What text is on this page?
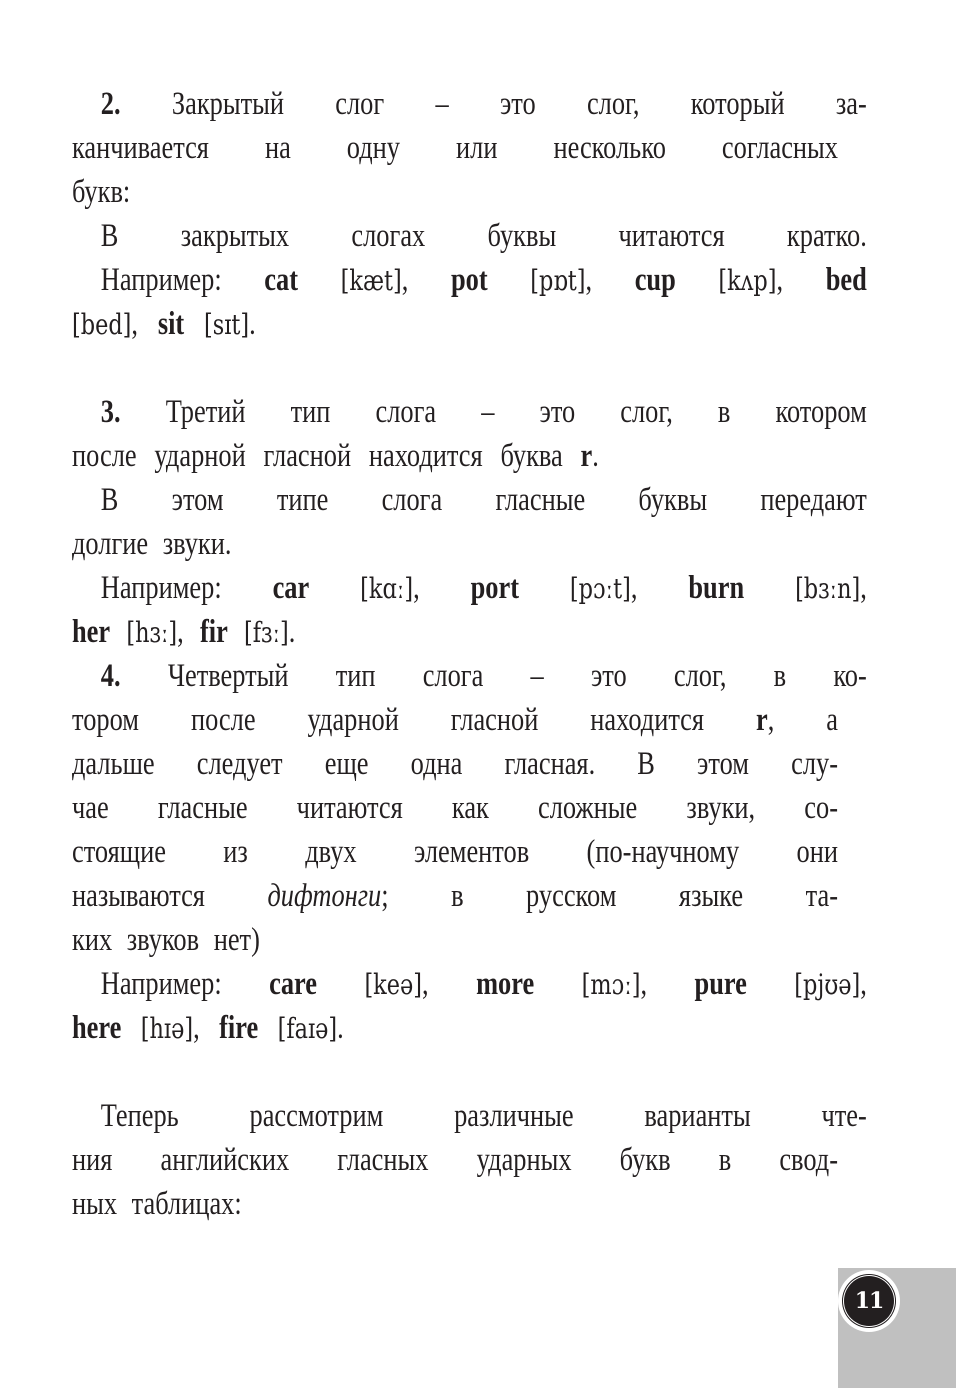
2. Закрытый слог – это слог, который за-
канчивается на одну или несколько согласных
букв:
В закрытых слогах буквы читаются кратко.
Например: cat [kæt], pot [pɒt], cup [kʌp], bed
[bed], sit [sɪt].
3. Третий тип слога – это слог, в котором
после ударной гласной находится буква r.
В этом типе слога гласные буквы передают
долгие звуки.
Например: car [kɑː], port [pɔːt], burn [bɜːn],
her [hɜː], fir [fɜː].
4. Четвертый тип слога – это слог, в ко-
тором после ударной гласной находится r, а
дальше следует еще одна гласная. В этом слу-
чае гласные читаются как сложные звуки, со-
стоящие из двух элементов (по-научному они
называются дифтонги; в русском языке та-
ких звуков нет)
Например: care [keə], more [mɔː], pure [pjʊə],
here [hɪə], fire [faɪə].
Теперь рассмотрим различные варианты чте-
ния английских гласных ударных букв в свод-
ных таблицах:
11
